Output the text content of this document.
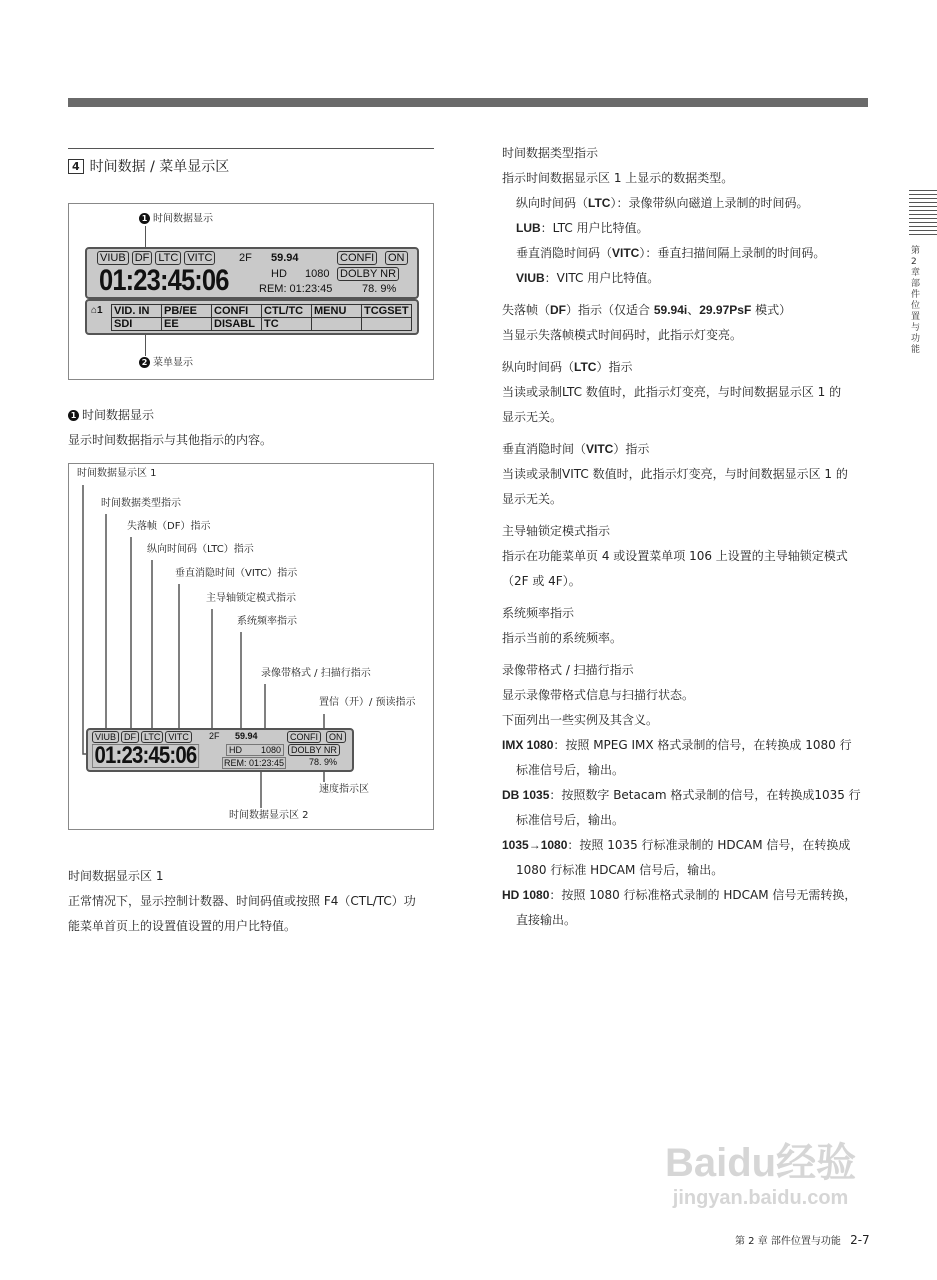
4 时间数据 / 菜单显示区
1 时间数据显示
VIUB DF LTC VITC 2F 59.94	CONFI ON
01:23:45:06	HD 1080 DOLBY NR
REM: 01:23:45	78. 9%
⌂1 VID. IN	PB/EE	CONFI	CTL/TC	MENU	TCGSET
SDI	EE	DISABL	TC		
2 菜单显示

1 时间数据显示

显示时间数据指示与其他指示的内容。

时间数据显示区 1
时间数据类型指示
失落帧（DF）指示
纵向时间码（LTC）指示
垂直消隐时间（VITC）指示
主导轴锁定模式指示
系统频率指示
录像带格式 / 扫描行指示
置信（开）/ 预读指示
速度指示区
时间数据显示区 2
VIUB DF LTC VITC	2F 59.94	CONFI	ON
01:23:45:06	HD 1080	DOLBY NR
REM: 01:23:45	78. 9%

时间数据显示区 1

正常情况下，显示控制计数器、时间码值或按照 F4（CTL/TC）功

能菜单首页上的设置值设置的用户比特值。

时间数据类型指示

指示时间数据显示区 1 上显示的数据类型。

纵向时间码（LTC）：录像带纵向磁道上录制的时间码。

LUB：LTC 用户比特值。

垂直消隐时间码（VITC）：垂直扫描间隔上录制的时间码。

VIUB：VITC 用户比特值。

失落帧（DF）指示（仅适合 59.94i、29.97PsF 模式）

当显示失落帧模式时间码时，此指示灯变亮。

纵向时间码（LTC）指示

当读或录制LTC 数值时，此指示灯变亮，与时间数据显示区 1 的

显示无关。

垂直消隐时间（VITC）指示

当读或录制VITC 数值时，此指示灯变亮，与时间数据显示区 1 的

显示无关。

主导轴锁定模式指示

指示在功能菜单页 4 或设置菜单项 106 上设置的主导轴锁定模式

（2F 或 4F）。

系统频率指示

指示当前的系统频率。

录像带格式 / 扫描行指示

显示录像带格式信息与扫描行状态。

下面列出一些实例及其含义。

IMX 1080：按照 MPEG IMX 格式录制的信号，在转换成 1080 行

标准信号后，输出。

DB 1035：按照数字 Betacam 格式录制的信号，在转换成1035 行

标准信号后，输出。

1035→1080：按照 1035 行标准录制的 HDCAM 信号，在转换成

1080 行标准 HDCAM 信号后，输出。

HD 1080：按照 1080 行标准格式录制的 HDCAM 信号无需转换，

直接输出。

第2章 部件位置与功能
第 2 章 部件位置与功能 2-7
Baidu经验
jingyan.baidu.com
